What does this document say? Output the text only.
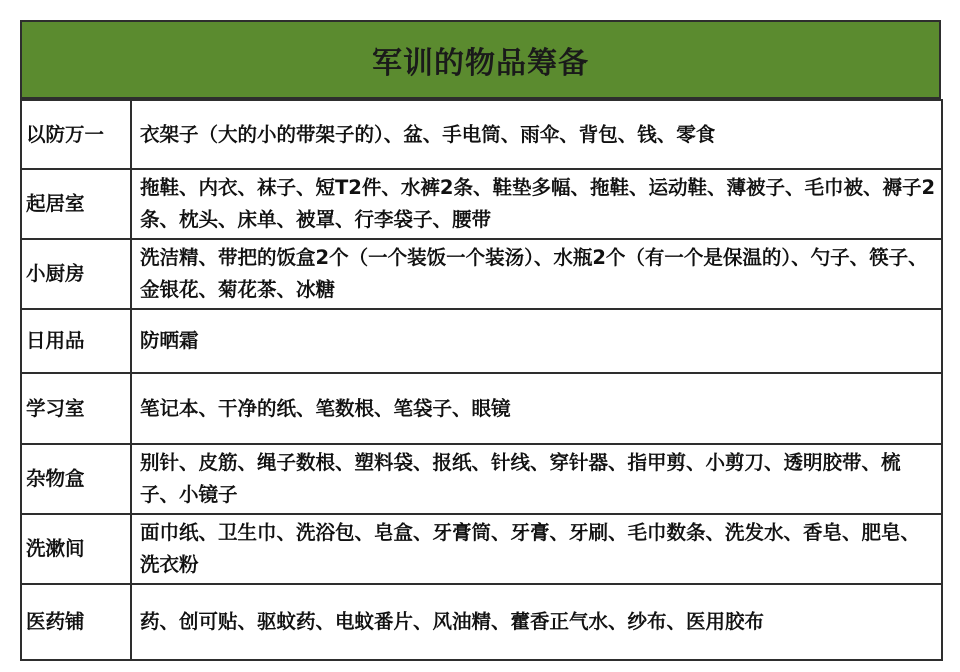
军训的物品筹备
以防万一	衣架子（大的小的带架子的）、盆、手电筒、雨伞、背包、钱、零食
起居室	拖鞋、内衣、袜子、短T2件、水裤2条、鞋垫多幅、拖鞋、运动鞋、薄被子、毛巾被、褥子2条、枕头、床单、被罩、行李袋子、腰带
小厨房	洗洁精、带把的饭盒2个（一个装饭一个装汤）、水瓶2个（有一个是保温的）、勺子、筷子、金银花、菊花茶、冰糖
日用品	防晒霜
学习室	笔记本、干净的纸、笔数根、笔袋子、眼镜
杂物盒	别针、皮筋、绳子数根、塑料袋、报纸、针线、穿针器、指甲剪、小剪刀、透明胶带、梳子、小镜子
洗漱间	面巾纸、卫生巾、洗浴包、皂盒、牙膏筒、牙膏、牙刷、毛巾数条、洗发水、香皂、肥皂、洗衣粉
医药铺	药、创可贴、驱蚊药、电蚊番片、风油精、藿香正气水、纱布、医用胶布
